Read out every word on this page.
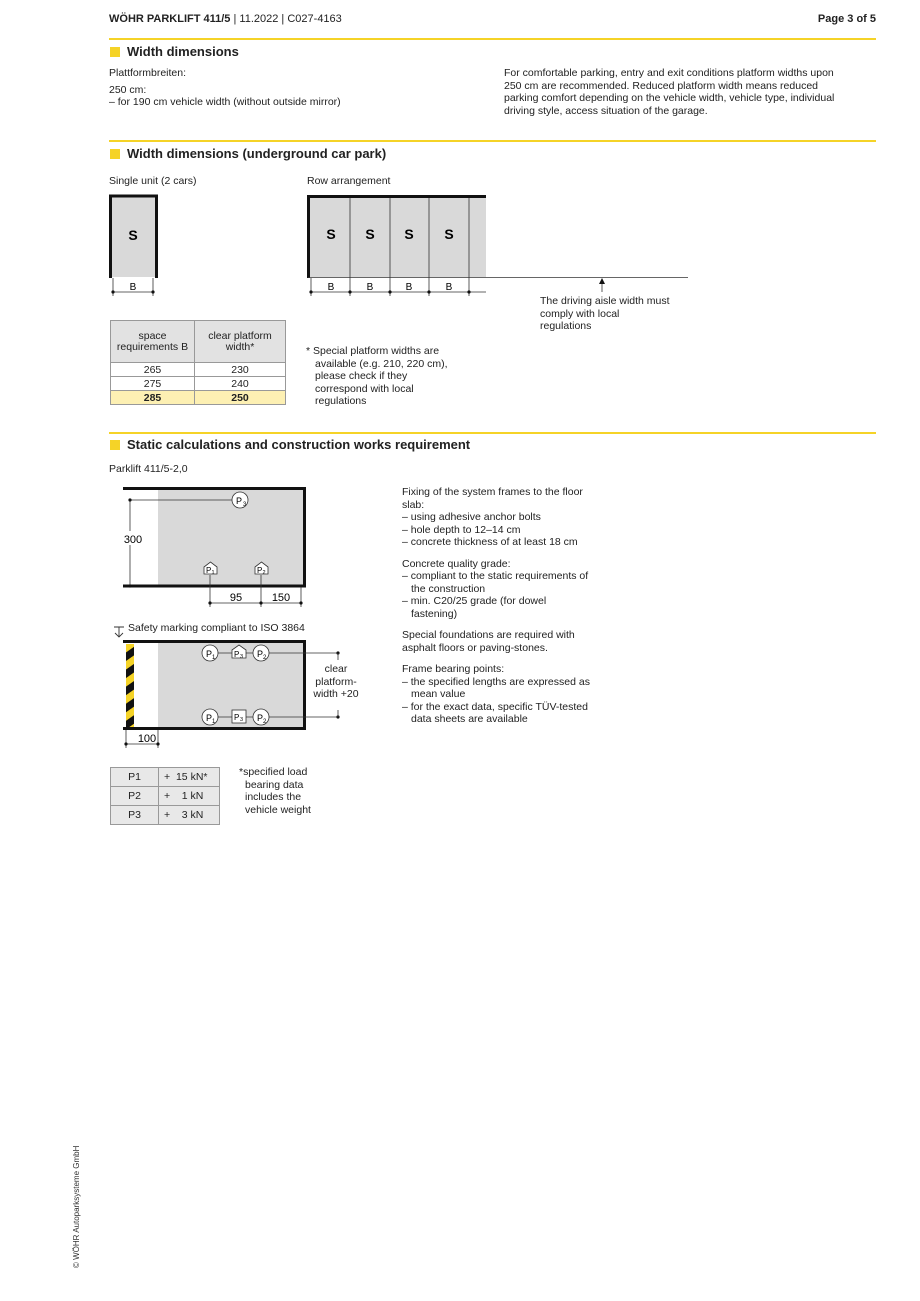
WÖHR PARKLIFT 411/5 | 11.2022 | C027-4163	Page 3 of 5
Width dimensions
Plattformbreiten:
250 cm:
– for 190 cm vehicle width (without outside mirror)
For comfortable parking, entry and exit conditions platform widths upon 250 cm are recommended. Reduced platform width means reduced parking comfort depending on the vehicle width, vehicle type, individual driving style, access situation of the garage.
Width dimensions (underground car park)
Single unit (2 cars)	Row arrangement
S
B
S S S S
B	B	B	B
The driving aisle width must comply with local regulations
space requirements B	clear platform width*
265	230
275	240
285	250
* Special platform widths are available (e.g. 210, 220 cm), please check if they correspond with local regulations
Static calculations and construction works requirement
Parklift 411/5-2,0
300
P 3
P 1	P 2
95	150
Safety marking compliant to ISO 3864
P 1 P 3 P 2
P 1 P 3 P 2
100
clear platform-width +20
P1	+  15 kN*
P2	+    1 kN
P3	+    3 kN
*specified load bearing data includes the vehicle weight
Fixing of the system frames to the floor slab:
– using adhesive anchor bolts
– hole depth to 12–14 cm
– concrete thickness of at least 18 cm
Concrete quality grade:
– compliant to the static requirements of the construction
– min. C20/25 grade (for dowel fastening)
Special foundations are required with asphalt floors or paving-stones.
Frame bearing points:
– the specified lengths are expressed as mean value
– for the exact data, specific TÜV-tested data sheets are available
© WÖHR Autoparksysteme GmbH
